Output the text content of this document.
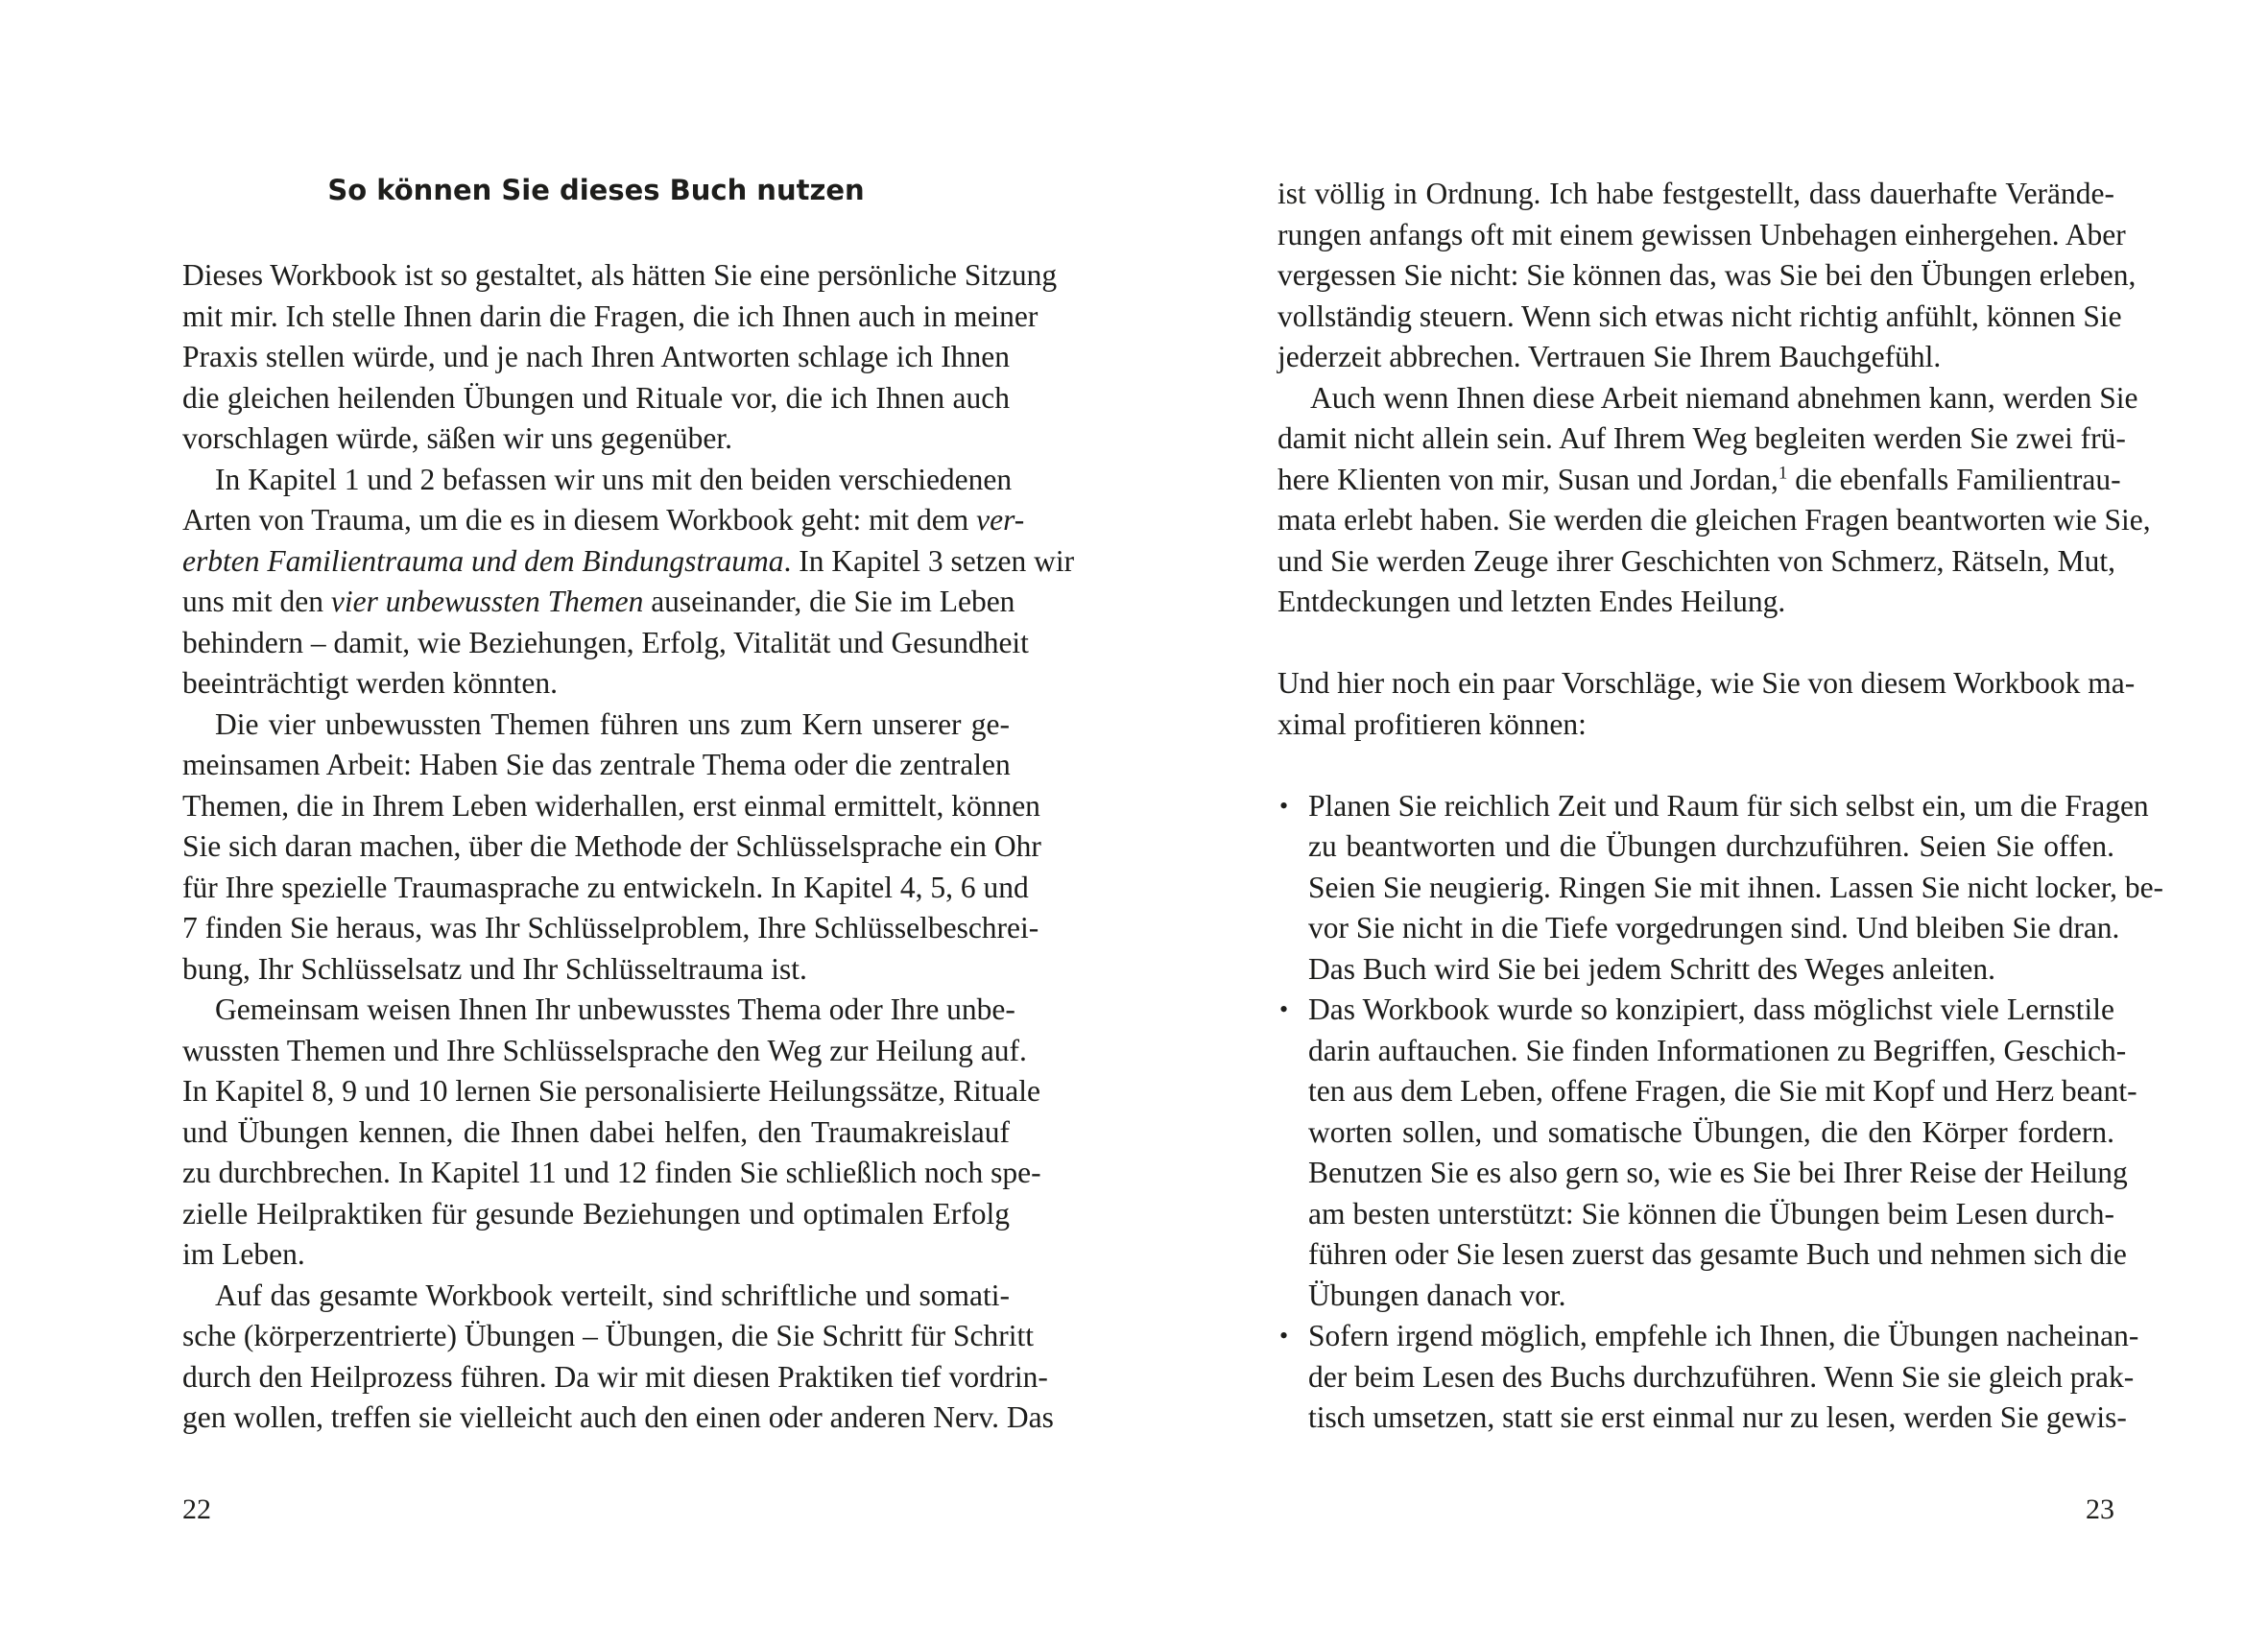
So können Sie dieses Buch nutzen
Dieses Workbook ist so gestaltet, als hätten Sie eine persönliche Sitzung
mit mir. Ich stelle Ihnen darin die Fragen, die ich Ihnen auch in meiner
Praxis stellen würde, und je nach Ihren Antworten schlage ich Ihnen
die gleichen heilenden Übungen und Rituale vor, die ich Ihnen auch
vorschlagen würde, säßen wir uns gegenüber.
In Kapitel 1 und 2 befassen wir uns mit den beiden verschiedenen
Arten von Trauma, um die es in diesem Workbook geht: mit dem ver-
erbten Familientrauma und dem Bindungstrauma. In Kapitel 3 setzen wir
uns mit den vier unbewussten Themen auseinander, die Sie im Leben
behindern – damit, wie Beziehungen, Erfolg, Vitalität und Gesundheit
beeinträchtigt werden könnten.
Die vier unbewussten Themen führen uns zum Kern unserer ge-
meinsamen Arbeit: Haben Sie das zentrale Thema oder die zentralen
Themen, die in Ihrem Leben widerhallen, erst einmal ermittelt, können
Sie sich daran machen, über die Methode der Schlüsselsprache ein Ohr
für Ihre spezielle Traumasprache zu entwickeln. In Kapitel 4, 5, 6 und
7 finden Sie heraus, was Ihr Schlüsselproblem, Ihre Schlüsselbeschrei-
bung, Ihr Schlüsselsatz und Ihr Schlüsseltrauma ist.
Gemeinsam weisen Ihnen Ihr unbewusstes Thema oder Ihre unbe-
wussten Themen und Ihre Schlüsselsprache den Weg zur Heilung auf.
In Kapitel 8, 9 und 10 lernen Sie personalisierte Heilungssätze, Rituale
und Übungen kennen, die Ihnen dabei helfen, den Traumakreislauf
zu durchbrechen. In Kapitel 11 und 12 finden Sie schließlich noch spe-
zielle Heilpraktiken für gesunde Beziehungen und optimalen Erfolg
im Leben.
Auf das gesamte Workbook verteilt, sind schriftliche und somati-
sche (körperzentrierte) Übungen – Übungen, die Sie Schritt für Schritt
durch den Heilprozess führen. Da wir mit diesen Praktiken tief vordrin-
gen wollen, treffen sie vielleicht auch den einen oder anderen Nerv. Das
22
ist völlig in Ordnung. Ich habe festgestellt, dass dauerhafte Verände-
rungen anfangs oft mit einem gewissen Unbehagen einhergehen. Aber
vergessen Sie nicht: Sie können das, was Sie bei den Übungen erleben,
vollständig steuern. Wenn sich etwas nicht richtig anfühlt, können Sie
jederzeit abbrechen. Vertrauen Sie Ihrem Bauchgefühl.
Auch wenn Ihnen diese Arbeit niemand abnehmen kann, werden Sie
damit nicht allein sein. Auf Ihrem Weg begleiten werden Sie zwei frü-
here Klienten von mir, Susan und Jordan,$^1$ die ebenfalls Familientrau-
mata erlebt haben. Sie werden die gleichen Fragen beantworten wie Sie,
und Sie werden Zeuge ihrer Geschichten von Schmerz, Rätseln, Mut,
Entdeckungen und letzten Endes Heilung.
Und hier noch ein paar Vorschläge, wie Sie von diesem Workbook ma-
ximal profitieren können:
• Planen Sie reichlich Zeit und Raum für sich selbst ein, um die Fragen
zu beantworten und die Übungen durchzuführen. Seien Sie offen.
Seien Sie neugierig. Ringen Sie mit ihnen. Lassen Sie nicht locker, be-
vor Sie nicht in die Tiefe vorgedrungen sind. Und bleiben Sie dran.
Das Buch wird Sie bei jedem Schritt des Weges anleiten.
• Das Workbook wurde so konzipiert, dass möglichst viele Lernstile
darin auftauchen. Sie finden Informationen zu Begriffen, Geschich-
ten aus dem Leben, offene Fragen, die Sie mit Kopf und Herz beant-
worten sollen, und somatische Übungen, die den Körper fordern.
Benutzen Sie es also gern so, wie es Sie bei Ihrer Reise der Heilung
am besten unterstützt: Sie können die Übungen beim Lesen durch-
führen oder Sie lesen zuerst das gesamte Buch und nehmen sich die
Übungen danach vor.
• Sofern irgend möglich, empfehle ich Ihnen, die Übungen nacheinan-
der beim Lesen des Buchs durchzuführen. Wenn Sie sie gleich prak-
tisch umsetzen, statt sie erst einmal nur zu lesen, werden Sie gewis-
23
